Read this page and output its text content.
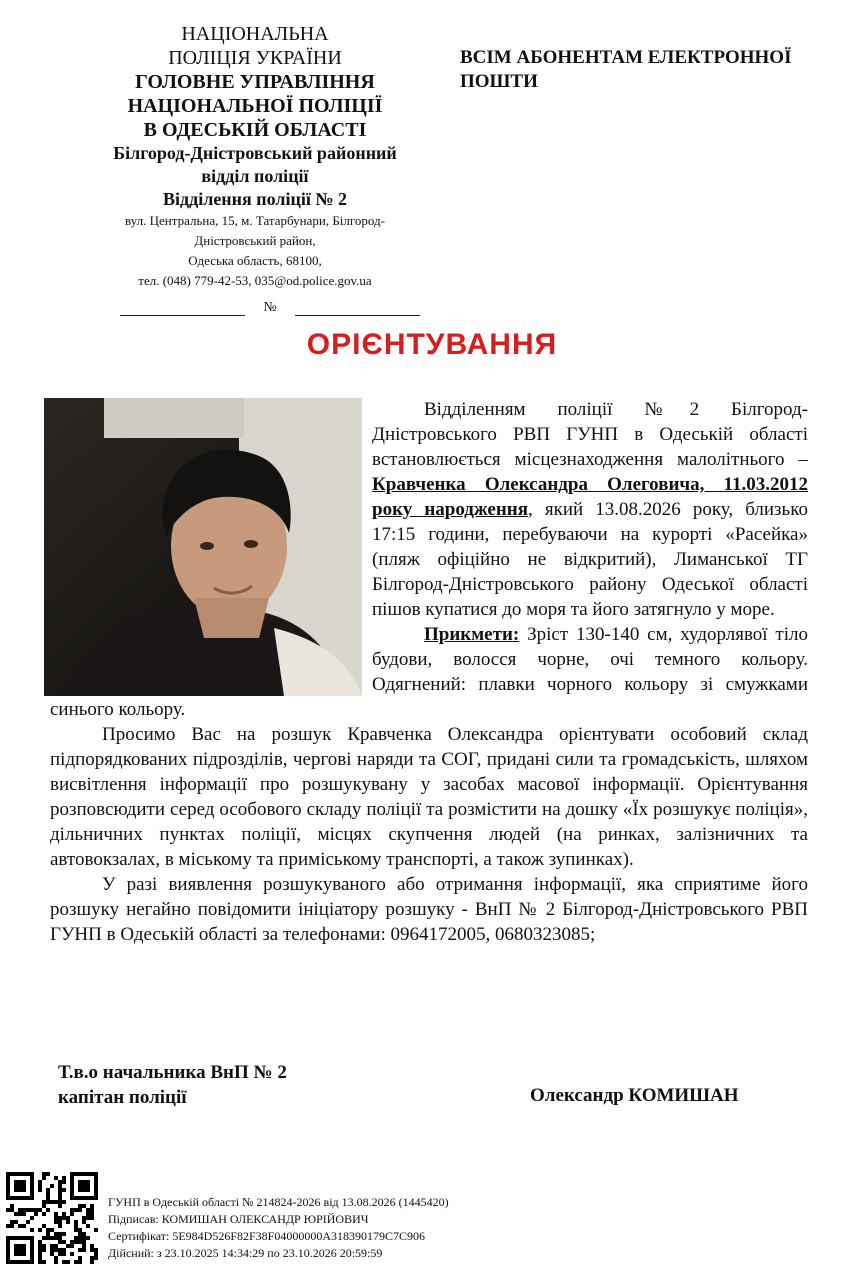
НАЦІОНАЛЬНА
ПОЛІЦІЯ УКРАЇНИ
ГОЛОВНЕ УПРАВЛІННЯ
НАЦІОНАЛЬНОЇ ПОЛІЦІЇ
В ОДЕСЬКІЙ ОБЛАСТІ
Білгород-Дністровський районний
відділ поліції
Відділення поліції № 2
вул. Центральна, 15, м. Татарбунари, Білгород-
Дністровський район,
Одеська область, 68100,
тел. (048) 779-42-53, 035@od.police.gov.ua
№
ВСІМ АБОНЕНТАМ ЕЛЕКТРОННОЇ ПОШТИ
ОРІЄНТУВАННЯ

Відділенням поліції №2 Білгород-Дністровського РВП ГУНП в Одеській області встановлюється місцезнаходження малолітнього – Кравченка Олександра Олеговича, 11.03.2012 року народження, який 13.08.2026 року, близько 17:15 години, перебуваючи на курорті «Расейка» (пляж офіційно не відкритий), Лиманської ТГ Білгород-Дністровського району Одеської області пішов купатися до моря та його затягнуло у море.

Прикмети: Зріст 130-140 см, худорлявої тіло будови, волосся чорне, очі темного кольору. Одягнений: плавки чорного кольору зі смужками синього кольору.

Просимо Вас на розшук Кравченка Олександра орієнтувати особовий склад підпорядкованих підрозділів, чергові наряди та СОГ, придані сили та громадськість, шляхом висвітлення інформації про розшукувану у засобах масової інформації. Орієнтування розповсюдити серед особового складу поліції та розмістити на дошку «Їх розшукує поліція», дільничних пунктах поліції, місцях скупчення людей (на ринках, залізничних та автовокзалах, в міському та приміському транспорті, а також зупинках).

У разі виявлення розшукуваного або отримання інформації, яка сприятиме його розшуку негайно повідомити ініціатору розшуку - ВнП № 2 Білгород-Дністровського РВП ГУНП в Одеській області за телефонами: 0964172005, 0680323085;

Т.в.о начальника ВнП № 2
капітан поліції	Олександр КОМИШАН
ГУНП в Одеській області № 214824-2026 від 13.08.2026 (1445420)
Підписав: КОМИШАН ОЛЕКСАНДР ЮРІЙОВИЧ
Сертифікат: 5E984D526F82F38F04000000A318390179C7C906
Дійсний: з 23.10.2025 14:34:29 по 23.10.2026 20:59:59
